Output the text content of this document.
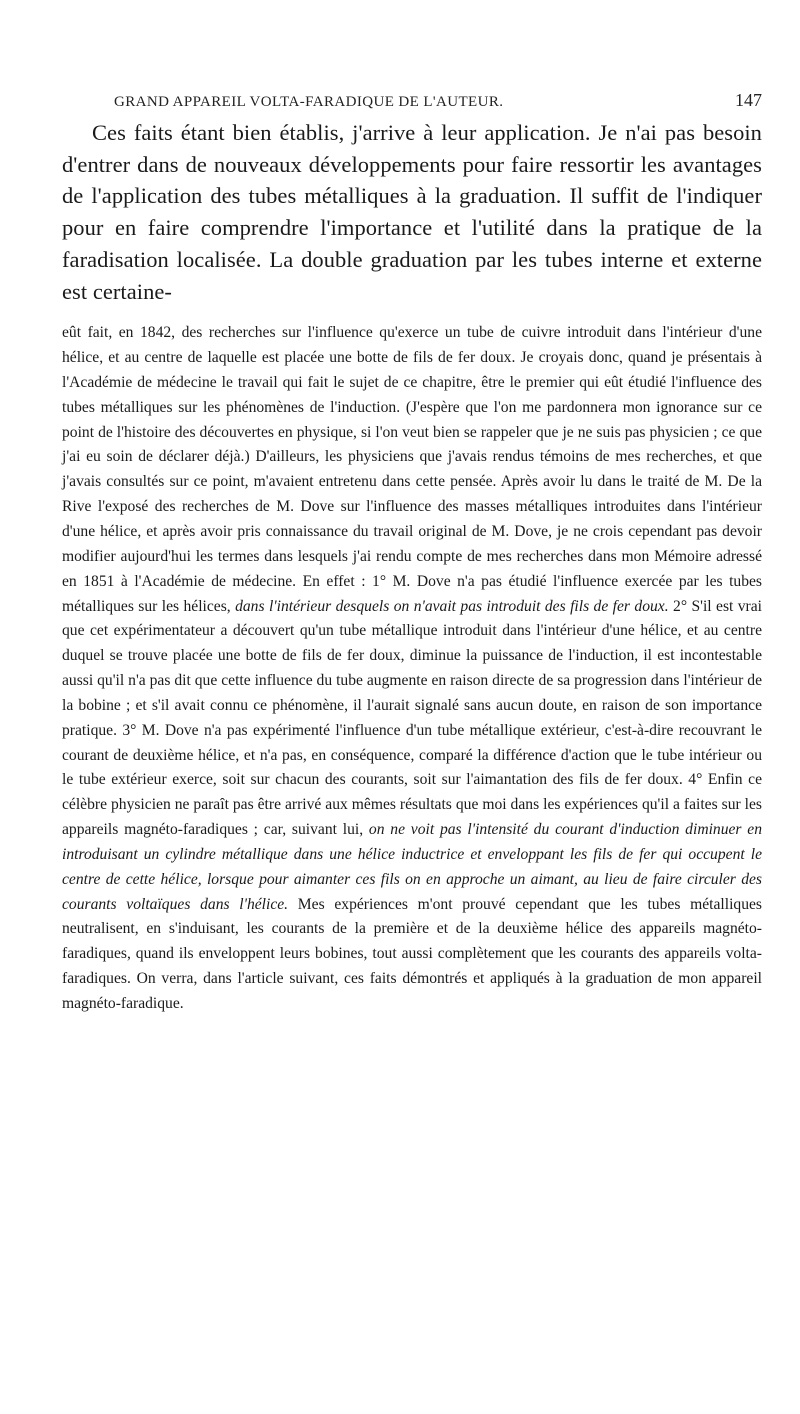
GRAND APPAREIL VOLTA-FARADIQUE DE L'AUTEUR.	147

Ces faits étant bien établis, j'arrive à leur application. Je n'ai pas besoin d'entrer dans de nouveaux développements pour faire ressortir les avantages de l'application des tubes métalliques à la graduation. Il suffit de l'indiquer pour en faire comprendre l'importance et l'utilité dans la pratique de la faradisation localisée. La double graduation par les tubes interne et externe est certaine-

eût fait, en 1842, des recherches sur l'influence qu'exerce un tube de cuivre introduit dans l'intérieur d'une hélice, et au centre de laquelle est placée une botte de fils de fer doux. Je croyais donc, quand je présentais à l'Académie de médecine le travail qui fait le sujet de ce chapitre, être le premier qui eût étudié l'influence des tubes métalliques sur les phénomènes de l'induction. (J'espère que l'on me pardonnera mon ignorance sur ce point de l'histoire des découvertes en physique, si l'on veut bien se rappeler que je ne suis pas physicien ; ce que j'ai eu soin de déclarer déjà.) D'ailleurs, les physiciens que j'avais rendus témoins de mes recherches, et que j'avais consultés sur ce point, m'avaient entretenu dans cette pensée. Après avoir lu dans le traité de M. De la Rive l'exposé des recherches de M. Dove sur l'influence des masses métalliques introduites dans l'intérieur d'une hélice, et après avoir pris connaissance du travail original de M. Dove, je ne crois cependant pas devoir modifier aujourd'hui les termes dans lesquels j'ai rendu compte de mes recherches dans mon Mémoire adressé en 1851 à l'Académie de médecine. En effet : 1° M. Dove n'a pas étudié l'influence exercée par les tubes métalliques sur les hélices, dans l'intérieur desquels on n'avait pas introduit des fils de fer doux. 2° S'il est vrai que cet expérimentateur a découvert qu'un tube métallique introduit dans l'intérieur d'une hélice, et au centre duquel se trouve placée une botte de fils de fer doux, diminue la puissance de l'induction, il est incontestable aussi qu'il n'a pas dit que cette influence du tube augmente en raison directe de sa progression dans l'intérieur de la bobine ; et s'il avait connu ce phénomène, il l'aurait signalé sans aucun doute, en raison de son importance pratique. 3° M. Dove n'a pas expérimenté l'influence d'un tube métallique extérieur, c'est-à-dire recouvrant le courant de deuxième hélice, et n'a pas, en conséquence, comparé la différence d'action que le tube intérieur ou le tube extérieur exerce, soit sur chacun des courants, soit sur l'aimantation des fils de fer doux. 4° Enfin ce célèbre physicien ne paraît pas être arrivé aux mêmes résultats que moi dans les expériences qu'il a faites sur les appareils magnéto-faradiques ; car, suivant lui, on ne voit pas l'intensité du courant d'induction diminuer en introduisant un cylindre métallique dans une hélice inductrice et enveloppant les fils de fer qui occupent le centre de cette hélice, lorsque pour aimanter ces fils on en approche un aimant, au lieu de faire circuler des courants voltaïques dans l'hélice. Mes expériences m'ont prouvé cependant que les tubes métalliques neutralisent, en s'induisant, les courants de la première et de la deuxième hélice des appareils magnéto-faradiques, quand ils enveloppent leurs bobines, tout aussi complètement que les courants des appareils volta-faradiques. On verra, dans l'article suivant, ces faits démontrés et appliqués à la graduation de mon appareil magnéto-faradique.
